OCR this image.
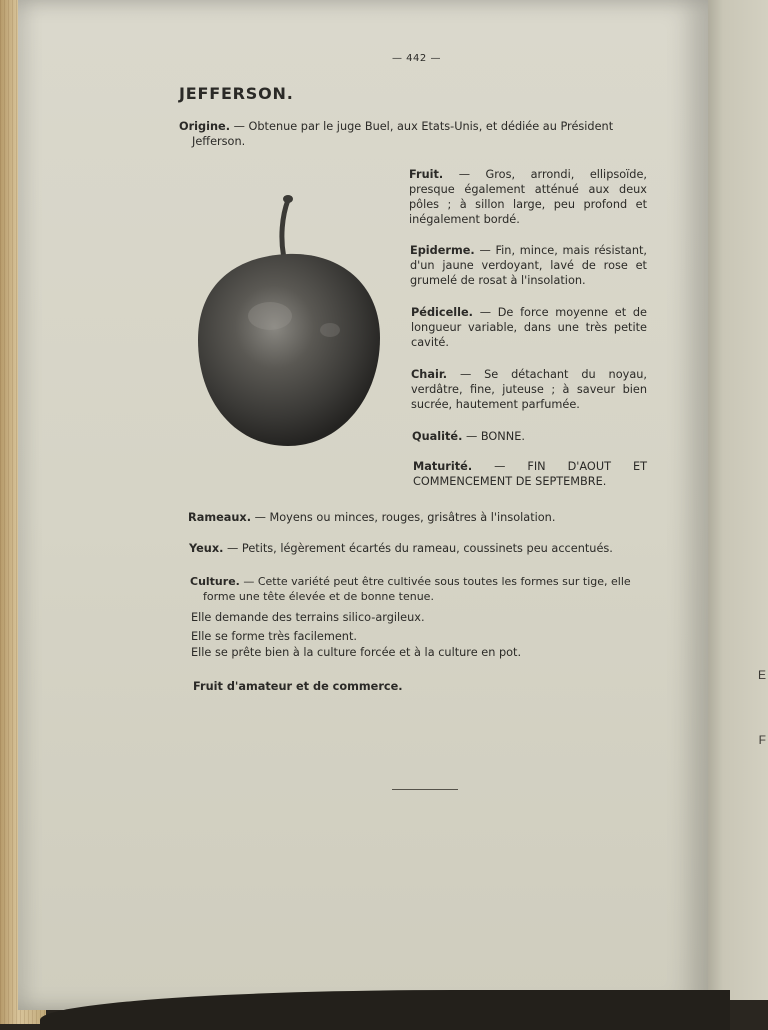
E
F
— 442 —
JEFFERSON.
Origine. — Obtenue par le juge Buel, aux Etats-Unis, et dédiée au Président
Jefferson.
Fruit. — Gros, arrondi, ellipsoïde, presque également atténué aux deux pôles ; à sillon large, peu profond et inégalement bordé.
Epiderme. — Fin, mince, mais résistant, d'un jaune verdoyant, lavé de rose et grumelé de rosat à l'insolation.
Pédicelle. — De force moyenne et de longueur variable, dans une très petite cavité.
Chair. — Se détachant du noyau, verdâtre, fine, juteuse ; à saveur bien sucrée, hautement parfumée.
Qualité. — BONNE.
Maturité. — FIN D'AOUT ET COMMENCEMENT DE SEPTEMBRE.
Rameaux. — Moyens ou minces, rouges, grisâtres à l'insolation.
Yeux. — Petits, légèrement écartés du rameau, coussinets peu accentués.
Culture. — Cette variété peut être cultivée sous toutes les formes sur tige, elle
forme une tête élevée et de bonne tenue.
Elle demande des terrains silico-argileux.
Elle se forme très facilement.
Elle se prête bien à la culture forcée et à la culture en pot.
Fruit d'amateur et de commerce.
